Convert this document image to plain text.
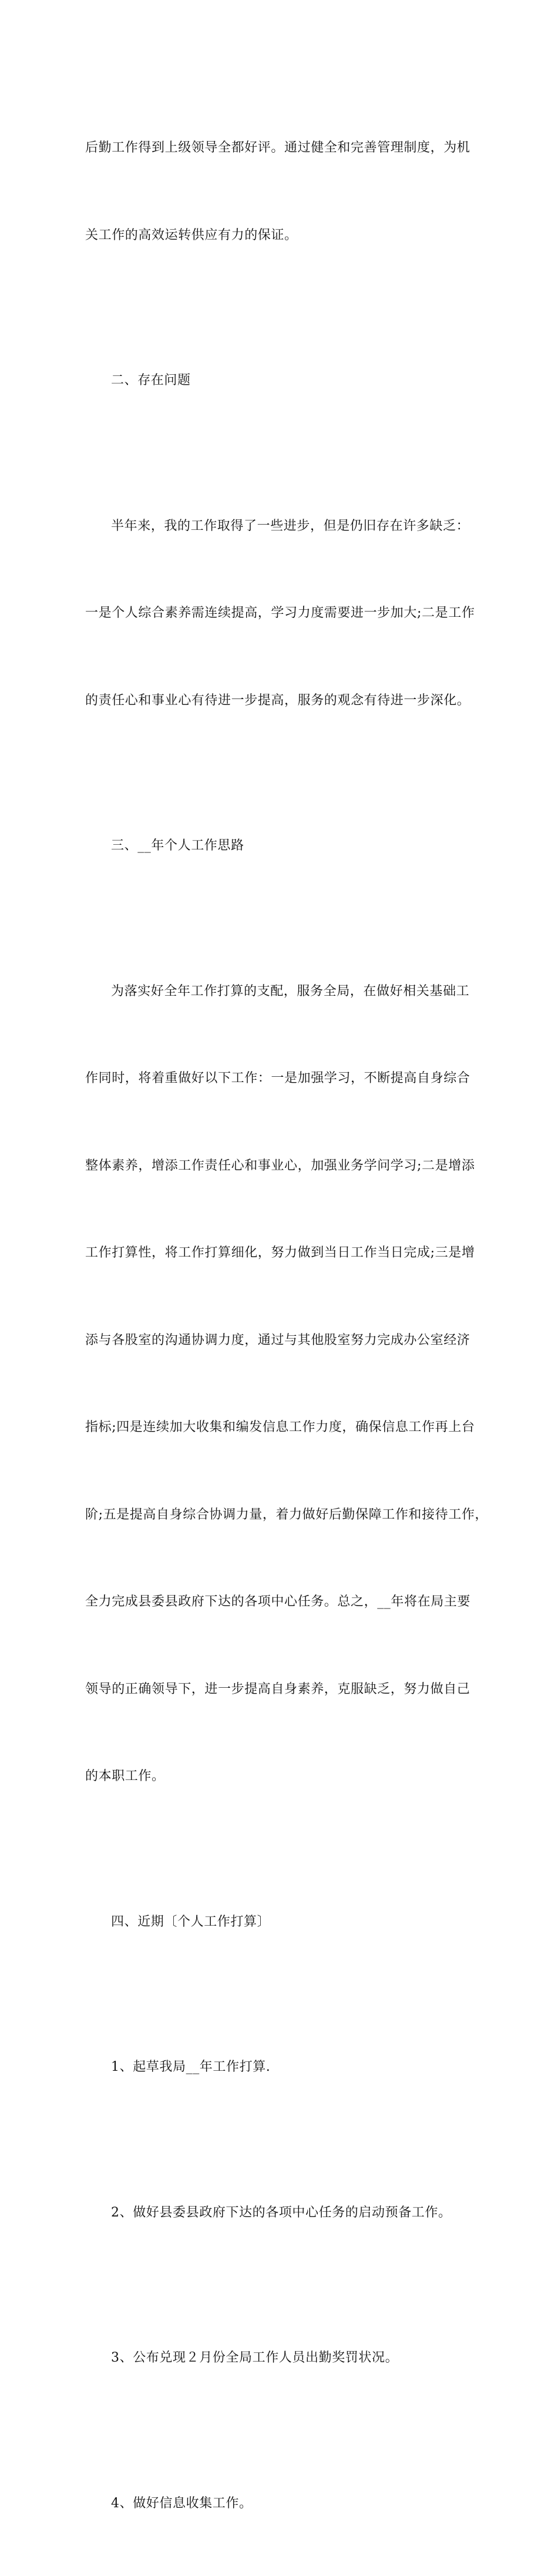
后勤工作得到上级领导全都好评。通过健全和完善管理制度，为机

关工作的高效运转供应有力的保证。

二、存在问题

半年来，我的工作取得了一些进步，但是仍旧存在许多缺乏：

一是个人综合素养需连续提高，学习力度需要进一步加大;二是工作

的责任心和事业心有待进一步提高，服务的观念有待进一步深化。

三、__年个人工作思路

为落实好全年工作打算的支配，服务全局，在做好相关基础工

作同时，将着重做好以下工作：一是加强学习，不断提高自身综合

整体素养，增添工作责任心和事业心，加强业务学问学习;二是增添

工作打算性，将工作打算细化，努力做到当日工作当日完成;三是增

添与各股室的沟通协调力度，通过与其他股室努力完成办公室经济

指标;四是连续加大收集和编发信息工作力度，确保信息工作再上台

阶;五是提高自身综合协调力量，着力做好后勤保障工作和接待工作，

全力完成县委县政府下达的各项中心任务。总之，__年将在局主要

领导的正确领导下，进一步提高自身素养，克服缺乏，努力做自己

的本职工作。

四、近期〔个人工作打算〕

1、起草我局__年工作打算.

2、做好县委县政府下达的各项中心任务的启动预备工作。

3、公布兑现２月份全局工作人员出勤奖罚状况。

4、做好信息收集工作。
